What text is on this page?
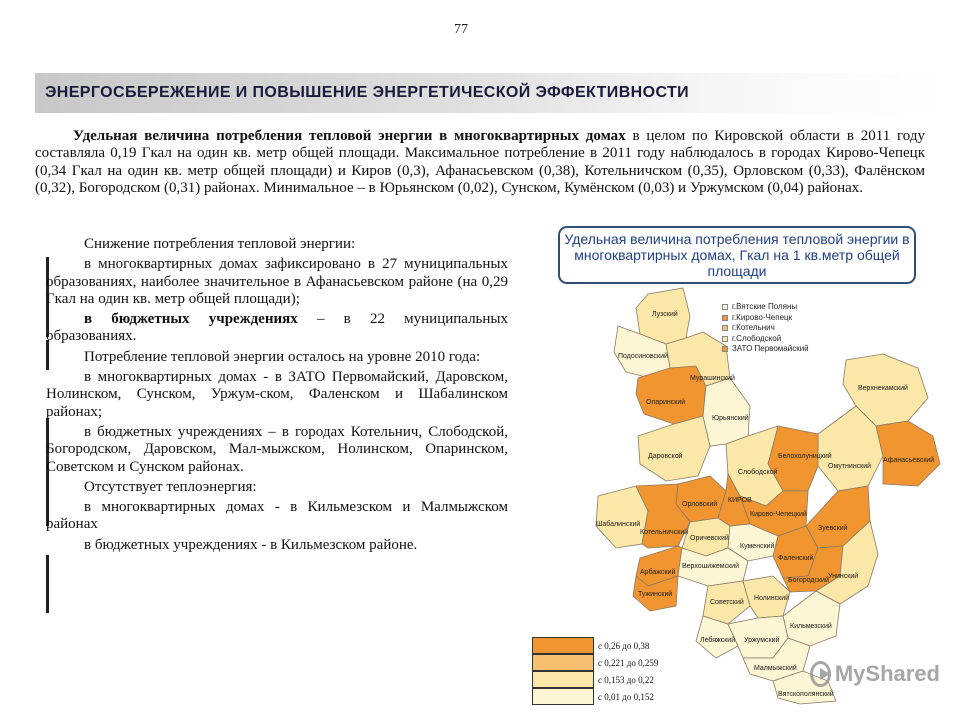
77
ЭНЕРГОСБЕРЕЖЕНИЕ И ПОВЫШЕНИЕ ЭНЕРГЕТИЧЕСКОЙ ЭФФЕКТИВНОСТИ
Удельная величина потребления тепловой энергии в многоквартирных домах в целом по Кировской области в 2011 году составляла 0,19 Гкал на один кв. метр общей площади. Максимальное потребление в 2011 году наблюдалось в городах Кирово-Чепецк (0,34 Гкал на один кв. метр общей площади) и Киров (0,3), Афанасьевском (0,38), Котельничском (0,35), Орловском (0,33), Фалёнском (0,32), Богородском (0,31) районах. Минимальное – в Юрьянском (0,02), Сунском, Кумёнском (0,03) и Уржумском (0,04) районах.

Снижение потребления тепловой энергии:

в многоквартирных домах зафиксировано в 27 муниципальных образованиях, наиболее значительное в Афанасьевском районе (на 0,29 Гкал на один кв. метр общей площади);

в бюджетных учреждениях – в 22 муниципальных образованиях.

Потребление тепловой энергии осталось на уровне 2010 года:

в многоквартирных домах - в ЗАТО Первомайский, Даровском, Нолинском, Сунском, Уржум-ском, Фаленском и Шабалинском районах;

в бюджетных учреждениях – в городах Котельнич, Слободской, Богородском, Даровском, Мал-мыжском, Нолинском, Опаринском, Советском и Сунском районах.

Отсутствует теплоэнергия:

в многоквартирных домах - в Кильмезском и Малмыжском районах

в бюджетных учреждениях - в Кильмезском районе.

Удельная величина потребления тепловой энергии в многоквартирных домах, Гкал на 1 кв.метр общей площади
Лузский
Подосиновский
Опаринский
Мурашинский
Верхнекамский
Омутнинский
Афанасьевский
Даровской
Юрьянский
Белохолуницкий
Орловский
Слободской
КИРОВ
Кирово-Чепецкий
Шабалинский
Котельничский
Оричевский
Зуевский
Фаленский
Куменский
Богородский
Унинский
Арбажский
Верхошижемский
Советский
Тужинский
Нолинский
Лебяжский
Кильмезский
Уржумский
Малмыжский
Вятскополянский
г.Вятские Поляны
г.Кирово-Чепецк
г.Котельнич
г.Слободской
ЗАТО Первомайский
с 0,26 до 0,38
с 0,221 до 0,259
с 0,153 до 0,22
с 0,01 до 0,152
MyShared
